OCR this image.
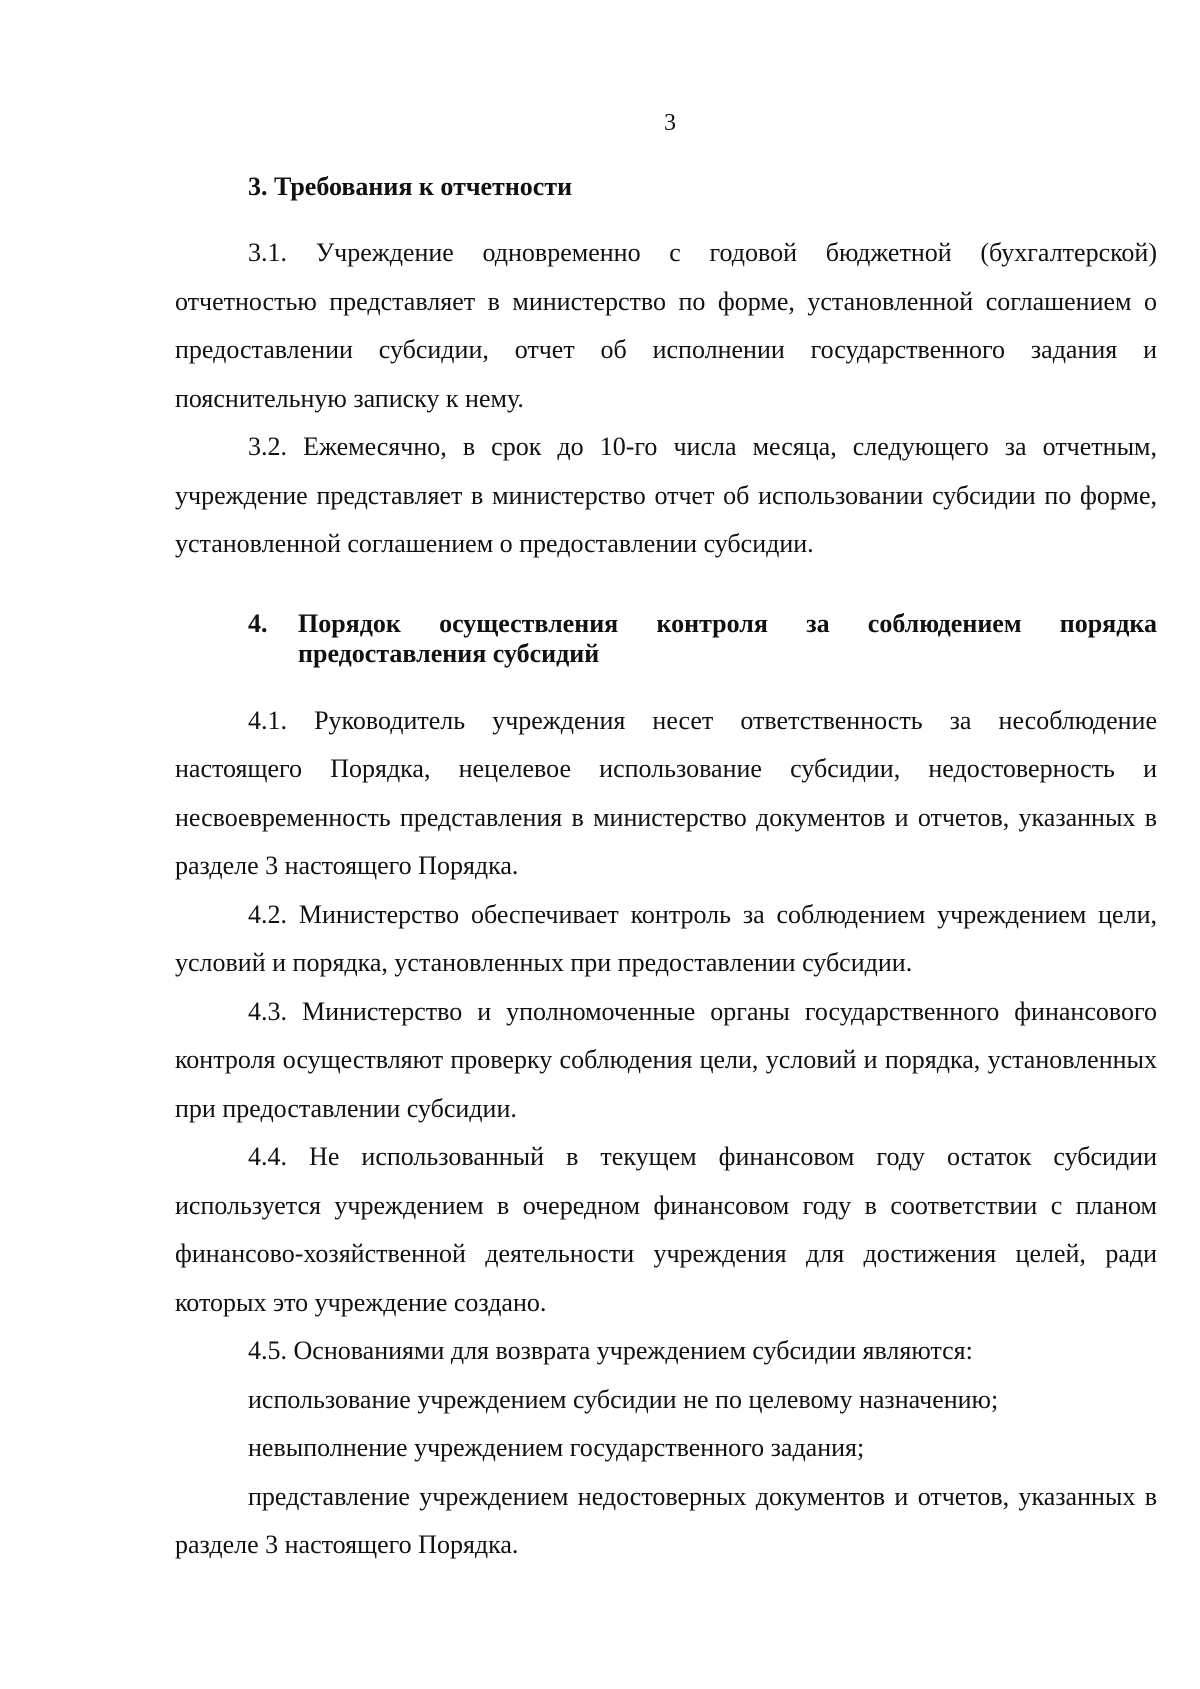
3

3. Требования к отчетности

3.1. Учреждение одновременно с годовой бюджетной (бухгалтерской) отчетностью представляет в министерство по форме, установленной соглашением о предоставлении субсидии, отчет об исполнении государственного задания и пояснительную записку к нему.

3.2. Ежемесячно, в срок до 10-го числа месяца, следующего за отчетным, учреждение представляет в министерство отчет об использовании субсидии по форме, установленной соглашением о предоставлении субсидии.

4.	Порядок осуществления контроля за соблюдением порядка предоставления субсидий

4.1. Руководитель учреждения несет ответственность за несоблюдение настоящего Порядка, нецелевое использование субсидии, недостоверность и несвоевременность представления в министерство документов и отчетов, указанных в разделе 3 настоящего Порядка.

4.2. Министерство обеспечивает контроль за соблюдением учреждением цели, условий и порядка, установленных при предоставлении субсидии.

4.3. Министерство и уполномоченные органы государственного финансового контроля осуществляют проверку соблюдения цели, условий и порядка, установленных при предоставлении субсидии.

4.4. Не использованный в текущем финансовом году остаток субсидии используется учреждением в очередном финансовом году в соответствии с планом финансово-хозяйственной деятельности учреждения для достижения целей, ради которых это учреждение создано.

4.5. Основаниями для возврата учреждением субсидии являются:

использование учреждением субсидии не по целевому назначению;

невыполнение учреждением государственного задания;

представление учреждением недостоверных документов и отчетов, указанных в разделе 3 настоящего Порядка.
